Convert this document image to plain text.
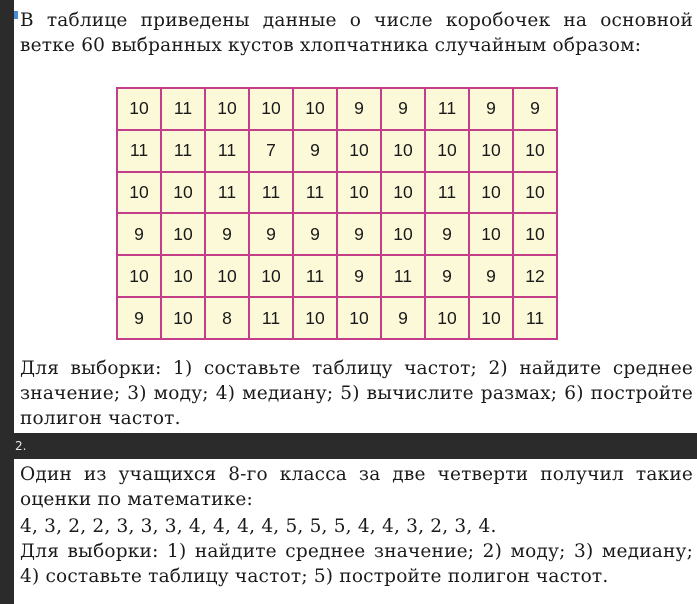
В таблице приведены данные о числе коробочек на основной ветке 60 выбранных кустов хлопчатника случайным образом:
10	11	10	10	10	9	9	11	9	9
11	11	11	7	9	10	10	10	10	10
10	10	11	11	11	10	10	11	10	10
9	10	9	9	9	9	10	9	10	10
10	10	10	10	11	9	11	9	9	12
9	10	8	11	10	10	9	10	10	11
Для выборки: 1) составьте таблицу частот; 2) найдите среднее значение; 3) моду; 4) медиану; 5) вычислите размах; 6) постройте полигон частот.
2.
Один из учащихся 8-го класса за две четверти получил такие оценки по математике:
4, 3, 2, 2, 3, 3, 3, 4, 4, 4, 4, 5, 5, 5, 4, 4, 3, 2, 3, 4.
Для выборки: 1) найдите среднее значение; 2) моду; 3) медиану; 4) составьте таблицу частот; 5) постройте полигон частот.
